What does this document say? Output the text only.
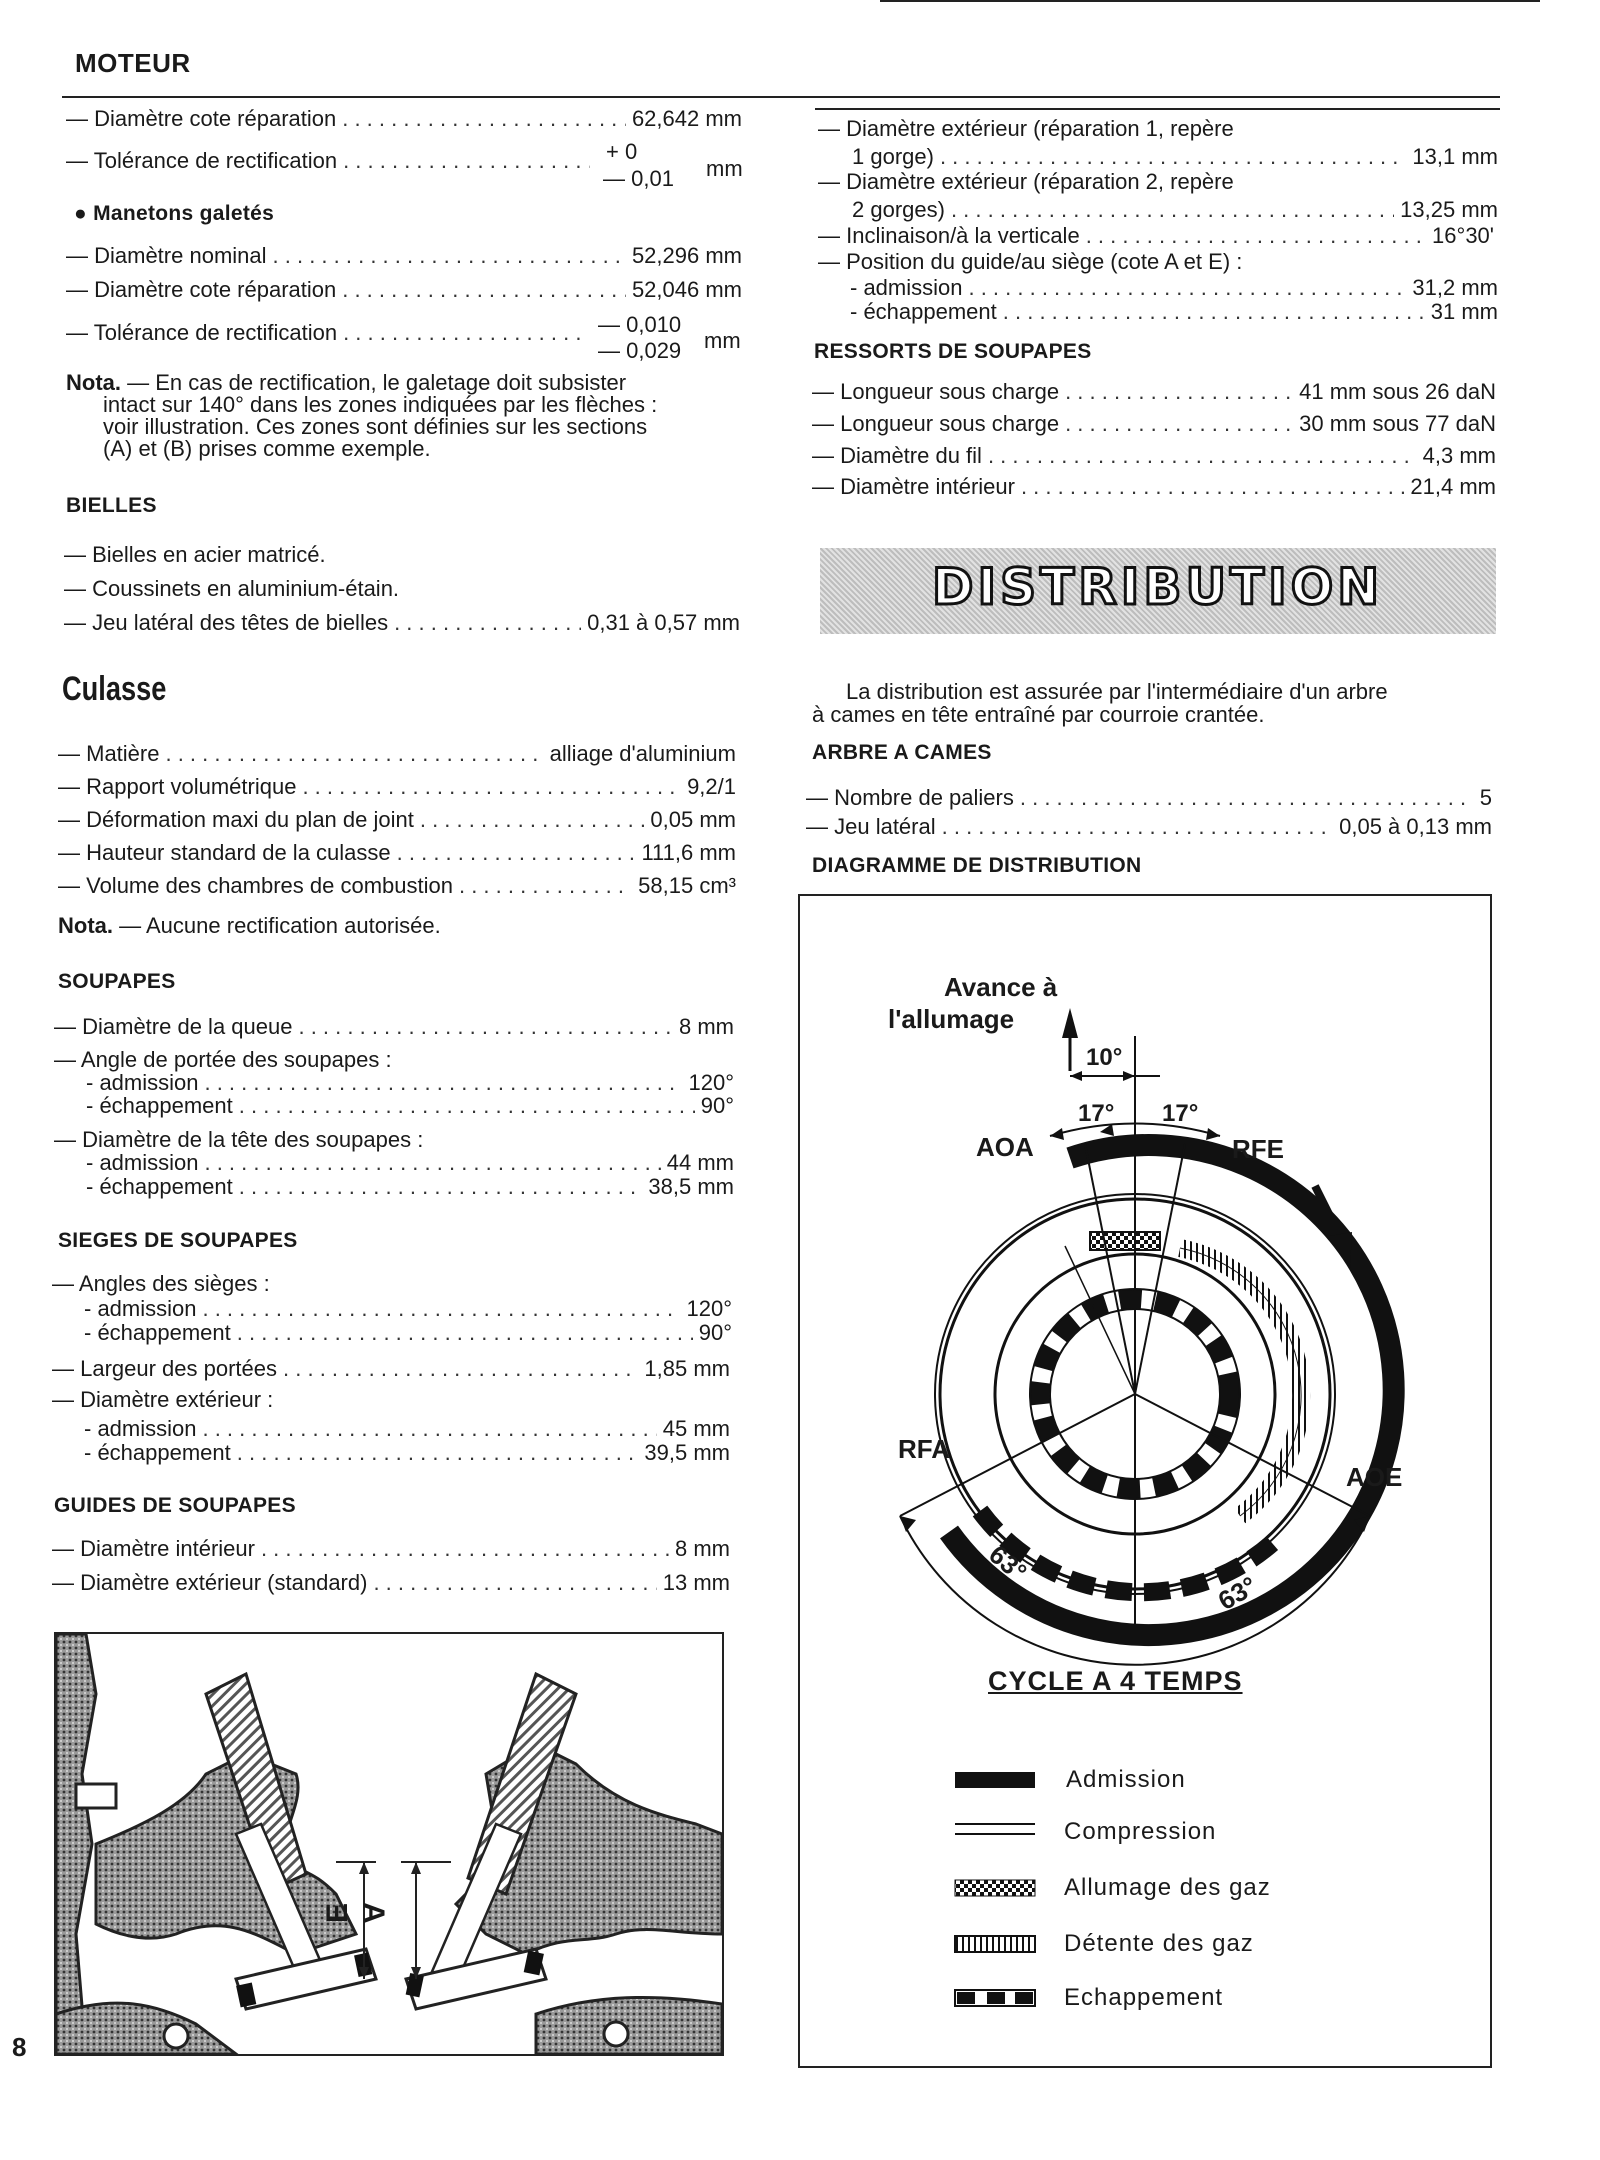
MOTEUR
— Diamètre cote réparation . . .	62,642 mm
— Tolérance de rectification . . .	+ 0
— 0,01 mm
● Manetons galetés
— Diamètre nominal . . .	52,296 mm
— Diamètre cote réparation . . .	52,046 mm
— Tolérance de rectification . . .	— 0,010
— 0,029 mm
Nota. — En cas de rectification, le galetage doit subsister
intact sur 140° dans les zones indiquées par les flèches :
voir illustration. Ces zones sont définies sur les sections
(A) et (B) prises comme exemple.
BIELLES
— Bielles en acier matricé.
— Coussinets en aluminium-étain.
— Jeu latéral des têtes de bielles . . .	0,31 à 0,57 mm
Culasse
— Matière . . .	alliage d'aluminium
— Rapport volumétrique . . .	9,2/1
— Déformation maxi du plan de joint . . .	0,05 mm
— Hauteur standard de la culasse . . .	111,6 mm
— Volume des chambres de combustion . . .	58,15 cm³
Nota. — Aucune rectification autorisée.
SOUPAPES
— Diamètre de la queue . . .	8 mm
— Angle de portée des soupapes :
- admission . . .	120°
- échappement . . .	90°
— Diamètre de la tête des soupapes :
- admission . . .	44 mm
- échappement . . .	38,5 mm
SIEGES DE SOUPAPES
— Angles des sièges :
- admission . . .	120°
- échappement . . .	90°
— Largeur des portées . . .	1,85 mm
— Diamètre extérieur :
- admission . . .	45 mm
- échappement . . .	39,5 mm
GUIDES DE SOUPAPES
— Diamètre intérieur . . .	8 mm
— Diamètre extérieur (standard) . . .	13 mm
E A
8
— Diamètre extérieur (réparation 1, repère
1 gorge) . . .	13,1 mm
— Diamètre extérieur (réparation 2, repère
2 gorges) . . .	13,25 mm
— Inclinaison/à la verticale . . .	16°30'
— Position du guide/au siège (cote A et E) :
- admission . . .	31,2 mm
- échappement . . .	31 mm
RESSORTS DE SOUPAPES
— Longueur sous charge . . .	41 mm sous 26 daN
— Longueur sous charge . . .	30 mm sous 77 daN
— Diamètre du fil . . .	4,3 mm
— Diamètre intérieur . . .	21,4 mm
DISTRIBUTION
La distribution est assurée par l'intermédiaire d'un arbre
à cames en tête entraîné par courroie crantée.
ARBRE A CAMES
— Nombre de paliers . . .	5
— Jeu latéral . . .	0,05 à 0,13 mm
DIAGRAMME DE DISTRIBUTION
Avance à
l'allumage
10°
17° 17°
AOA	RFE
RFA
AOE
63°
63°
CYCLE A 4 TEMPS
Admission
Compression
Allumage des gaz
Détente des gaz
Echappement
